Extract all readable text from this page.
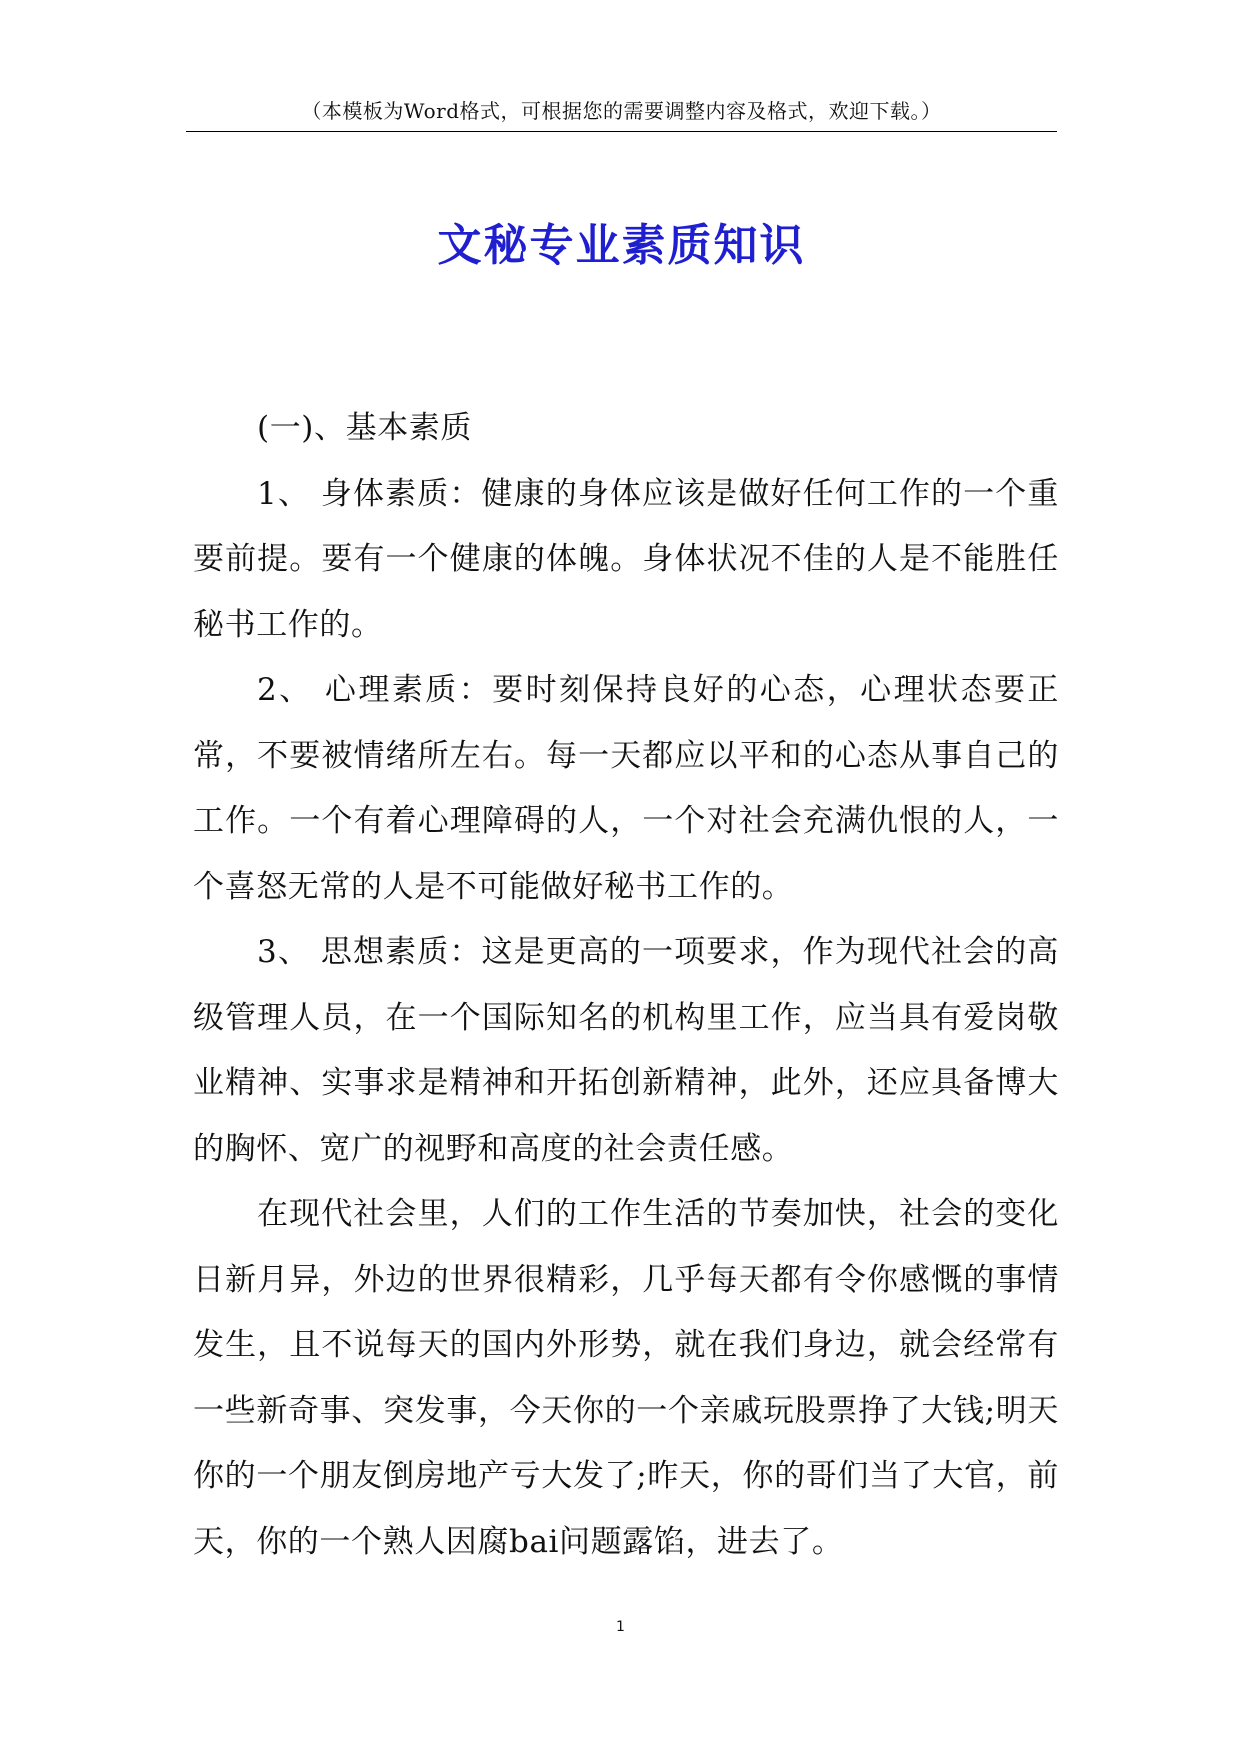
（本模板为Word格式，可根据您的需要调整内容及格式，欢迎下载。）
文秘专业素质知识

(一)、基本素质

1、 身体素质：健康的身体应该是做好任何工作的一个重要前提。要有一个健康的体魄。身体状况不佳的人是不能胜任秘书工作的。

2、 心理素质：要时刻保持良好的心态，心理状态要正常，不要被情绪所左右。每一天都应以平和的心态从事自己的工作。一个有着心理障碍的人，一个对社会充满仇恨的人，一个喜怒无常的人是不可能做好秘书工作的。

3、 思想素质：这是更高的一项要求，作为现代社会的高级管理人员，在一个国际知名的机构里工作，应当具有爱岗敬业精神、实事求是精神和开拓创新精神，此外，还应具备博大的胸怀、宽广的视野和高度的社会责任感。

在现代社会里，人们的工作生活的节奏加快，社会的变化日新月异，外边的世界很精彩，几乎每天都有令你感慨的事情发生，且不说每天的国内外形势，就在我们身边，就会经常有一些新奇事、突发事，今天你的一个亲戚玩股票挣了大钱;明天你的一个朋友倒房地产亏大发了;昨天，你的哥们当了大官，前天，你的一个熟人因腐bai问题露馅，进去了。

1
